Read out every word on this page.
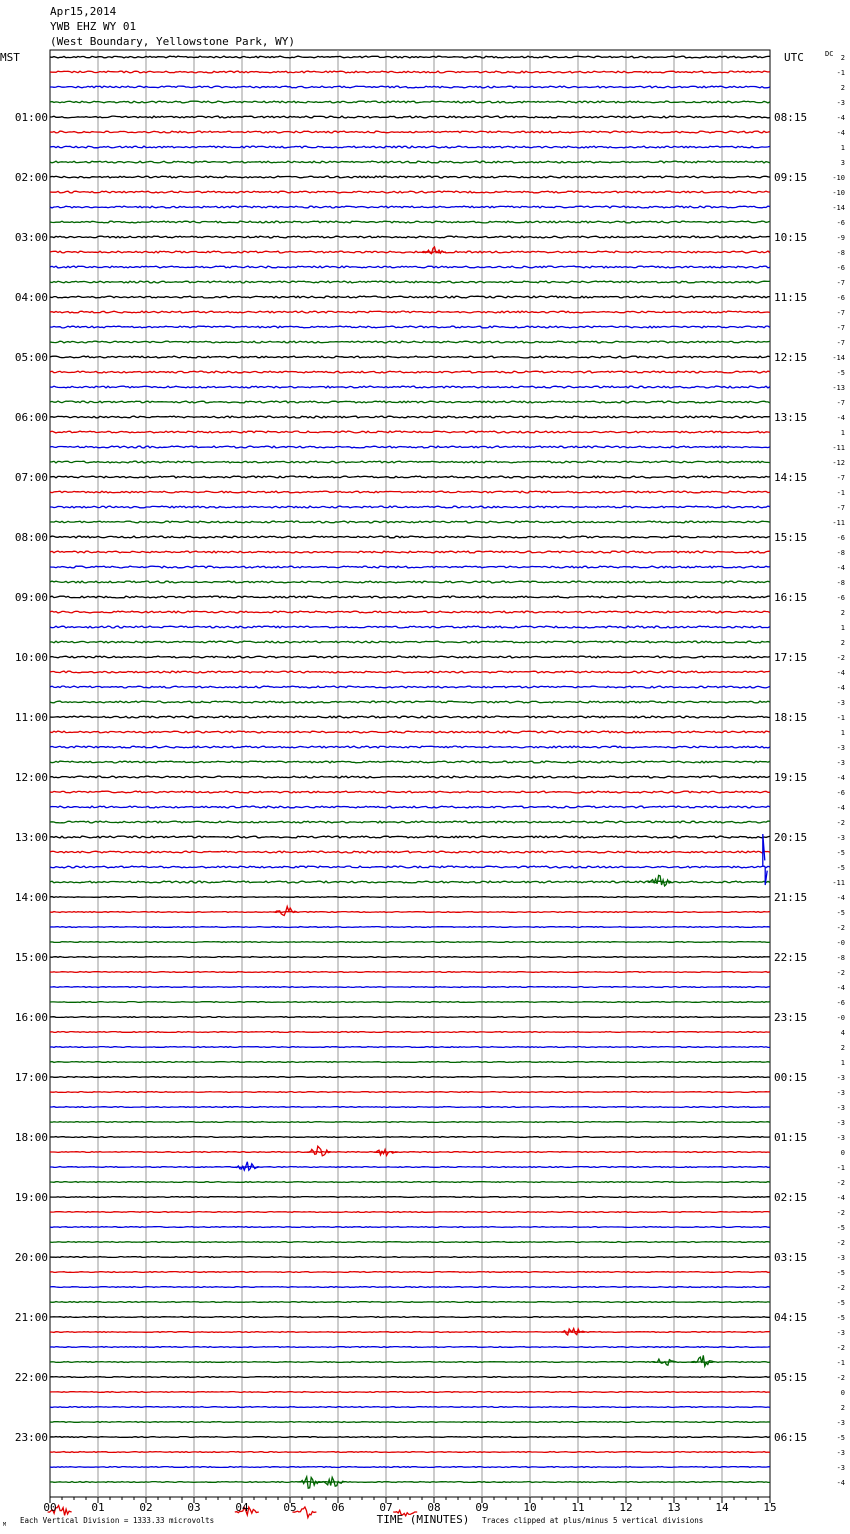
Apr15,2014
YWB EHZ WY 01
(West Boundary, Yellowstone Park, WY)
MST	UTC	DC
01:00
02:00
03:00
04:00
05:00
06:00
07:00
08:00
09:00
10:00
11:00
12:00
13:00
14:00
15:00
16:00
17:00
18:00
19:00
20:00
21:00
22:00
23:00
08:15
09:15
10:15
11:15
12:15
13:15
14:15
15:15
16:15
17:15
18:15
19:15
20:15
21:15
22:15
23:15
00:15
01:15
02:15
03:15
04:15
05:15
06:15
2
-1
2
-3
-4
-4
1
3
-10
-10
-14
-6
-9
-8
-6
-7
-6
-7
-7
-7
-14
-5
-13
-7
-4
1
-11
-12
-7
-1
-7
-11
-6
-8
-4
-8
-6
2
1
2
-2
-4
-4
-3
-1
1
-3
-3
-4
-6
-4
-2
-3
-5
-5
-11
-4
-5
-2
-0
-8
-2
-4
-6
-0
4
2
1
-3
-3
-3
-3
-3
0
-1
-2
-4
-2
-5
-2
-3
-5
-2
-5
-5
-3
-2
-1
-2
0
2
-3
-5
-3
-3
-4
00	01	02	03	04	05	06	07	08	09	10	11	12	13	14	15
TIME (MINUTES)
Each Vertical Division = 1333.33 microvolts	Traces clipped at plus/minus 5 vertical divisions
M
